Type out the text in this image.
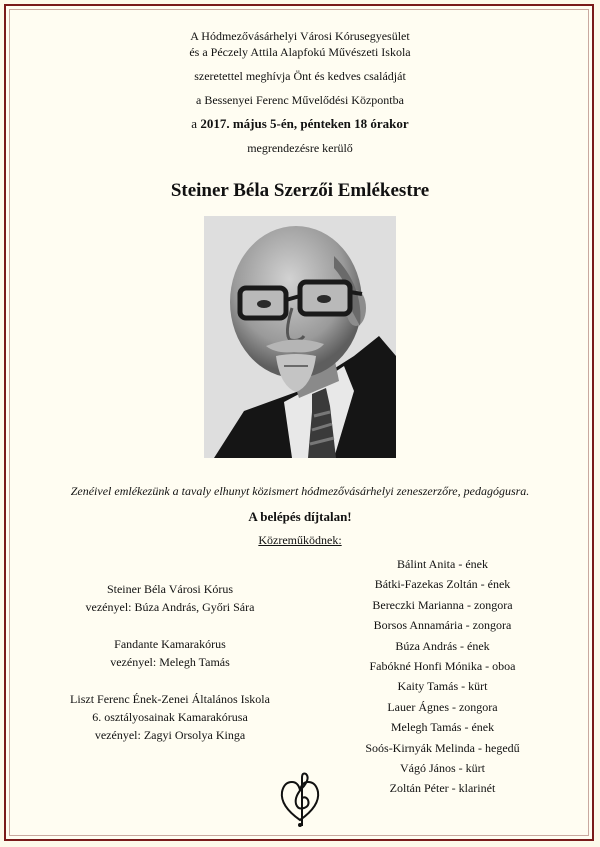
A Hódmezővásárhelyi Városi Kórusegyesület

és a Péczely Attila Alapfokú Művészeti Iskola

szeretettel meghívja Önt és kedves családját

a Bessenyei Ferenc Művelődési Központba

a 2017. május 5-én, pénteken 18 órakor

megrendezésre kerülő

Steiner Béla Szerzői Emlékestre
Zenéivel emlékezünk a tavaly elhunyt közismert hódmezővásárhelyi zeneszerzőre, pedagógusra.
A belépés díjtalan!
Közreműködnek:

Steiner Béla Városi Kórus

vezényel: Búza András, Győri Sára

Fandante Kamarakórus

vezényel: Melegh Tamás

Liszt Ferenc Ének-Zenei Általános Iskola

6. osztályosainak Kamarakórusa

vezényel: Zagyi Orsolya Kinga

Bálint Anita - ének

Bátki-Fazekas Zoltán - ének

Bereczki Marianna - zongora

Borsos Annamária - zongora

Búza András - ének

Fabókné Honfi Mónika - oboa

Kaity Tamás - kürt

Lauer Ágnes - zongora

Melegh Tamás - ének

Soós-Kirnyák Melinda - hegedű

Vágó János - kürt

Zoltán Péter - klarinét
